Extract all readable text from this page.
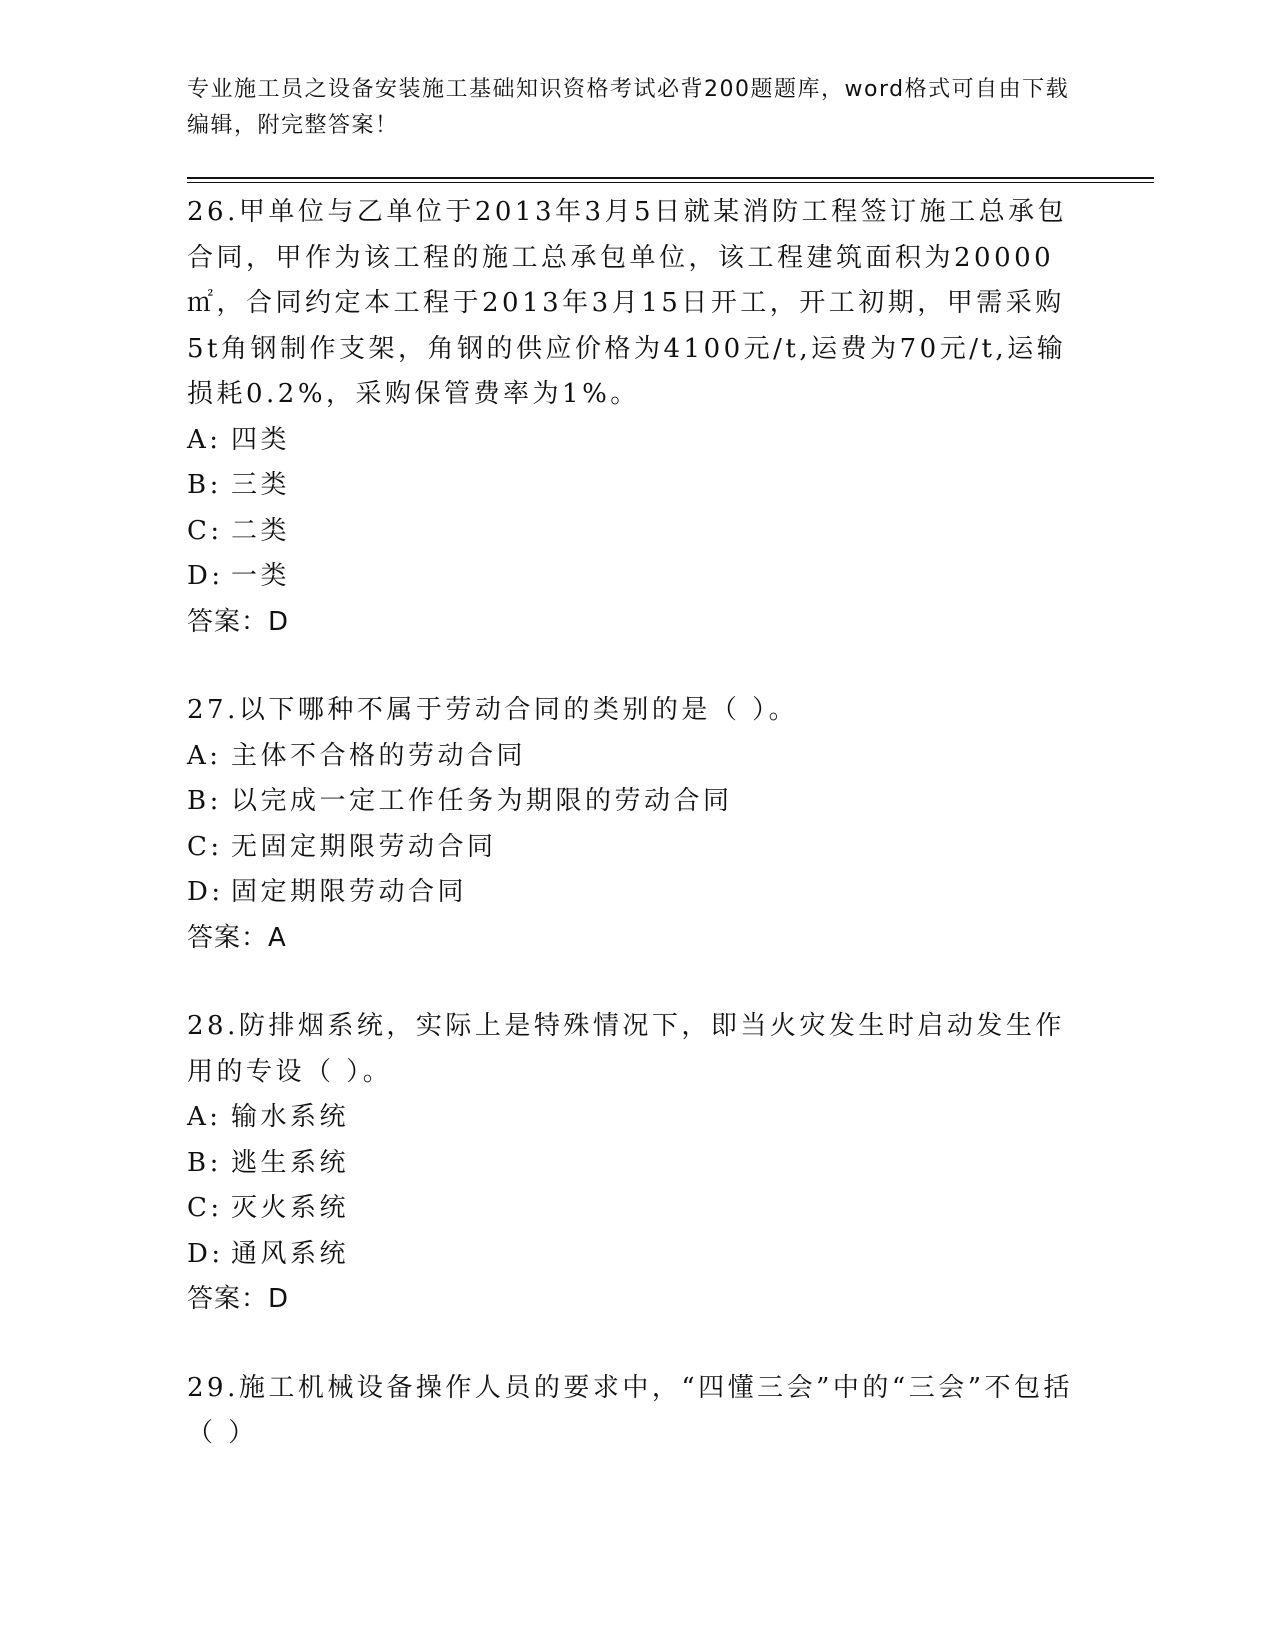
专业施工员之设备安装施工基础知识资格考试必背200题题库，word格式可自由下载编辑，附完整答案！
26.甲单位与乙单位于2013年3月5日就某消防工程签订施工总承包合同，甲作为该工程的施工总承包单位，该工程建筑面积为20000㎡，合同约定本工程于2013年3月15日开工，开工初期，甲需采购5t角钢制作支架，角钢的供应价格为4100元/t,运费为70元/t,运输损耗0.2%，采购保管费率为1%。
A: 四类
B: 三类
C: 二类
D: 一类
答案：D
27.以下哪种不属于劳动合同的类别的是（ ）。
A: 主体不合格的劳动合同
B: 以完成一定工作任务为期限的劳动合同
C: 无固定期限劳动合同
D: 固定期限劳动合同
答案：A
28.防排烟系统，实际上是特殊情况下，即当火灾发生时启动发生作用的专设（ ）。
A: 输水系统
B: 逃生系统
C: 灭火系统
D: 通风系统
答案：D
29.施工机械设备操作人员的要求中，“四懂三会”中的“三会”不包括（ ）
